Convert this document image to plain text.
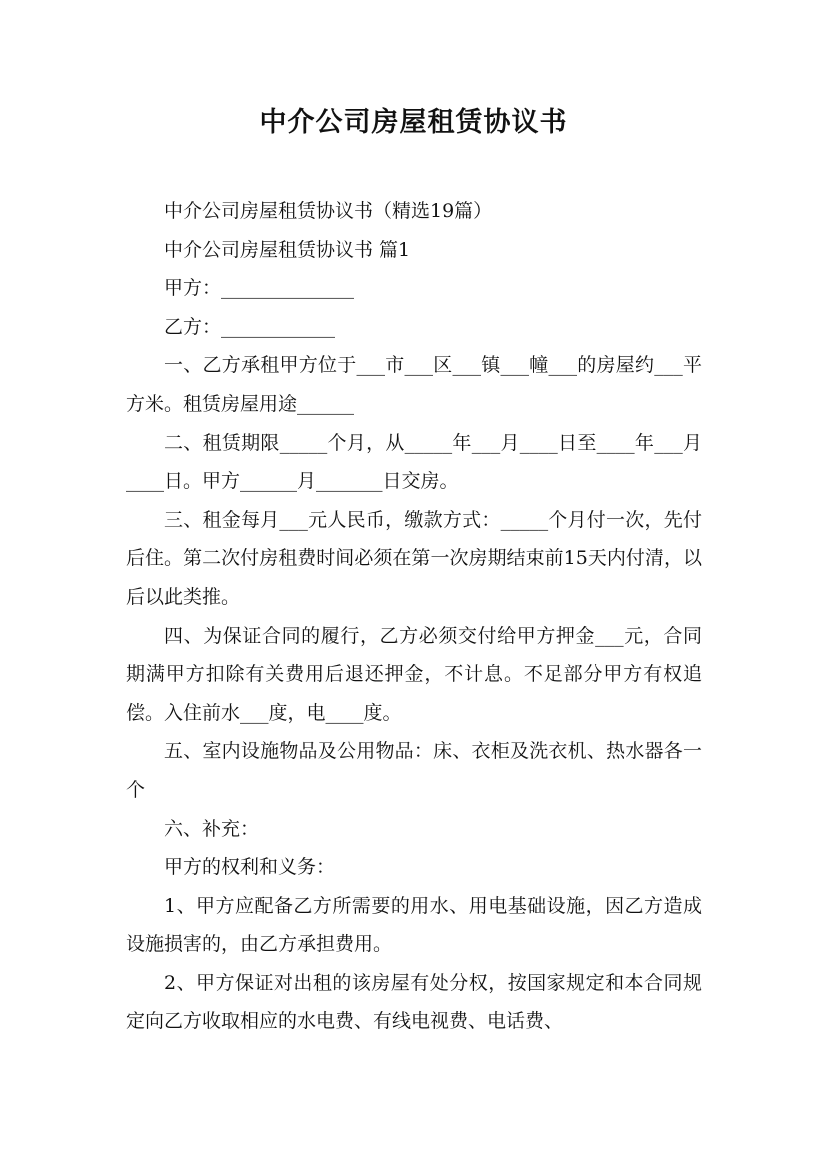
中介公司房屋租赁协议书

中介公司房屋租赁协议书（精选19篇）

中介公司房屋租赁协议书 篇1

甲方：______________

乙方：____________

一、乙方承租甲方位于___市___区___镇___幢___的房屋约___平方米。租赁房屋用途______

二、租赁期限_____个月，从_____年___月____日至____年___月____日。甲方______月_______日交房。

三、租金每月___元人民币，缴款方式：_____个月付一次，先付后住。第二次付房租费时间必须在第一次房期结束前15天内付清，以后以此类推。

四、为保证合同的履行，乙方必须交付给甲方押金___元，合同期满甲方扣除有关费用后退还押金，不计息。不足部分甲方有权追偿。入住前水___度，电____度。

五、室内设施物品及公用物品：床、衣柜及洗衣机、热水器各一个

六、补充：

甲方的权利和义务：

1、甲方应配备乙方所需要的用水、用电基础设施，因乙方造成设施损害的，由乙方承担费用。

2、甲方保证对出租的该房屋有处分权，按国家规定和本合同规定向乙方收取相应的水电费、有线电视费、电话费、
